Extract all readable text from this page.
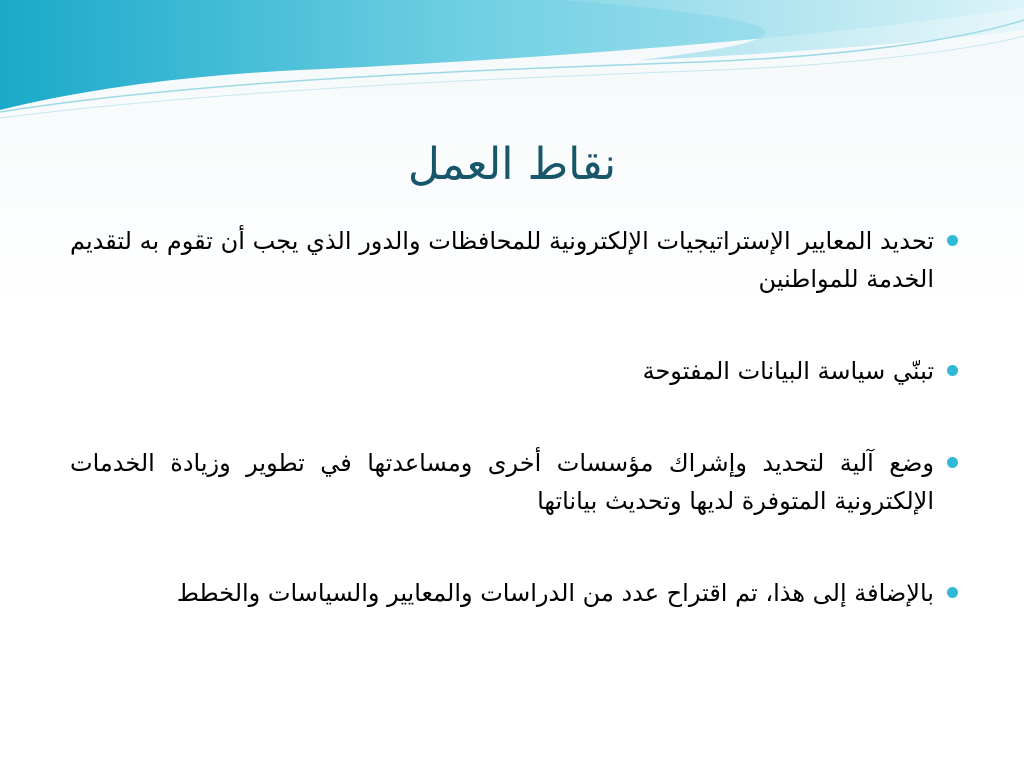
نقاط العمل
تحديد المعايير الإستراتيجيات الإلكترونية للمحافظات والدور الذي يجب أن تقوم به لتقديم الخدمة للمواطنين
تبنّي سياسة البيانات المفتوحة
وضع آلية لتحديد وإشراك مؤسسات أخرى ومساعدتها في تطوير وزيادة الخدمات الإلكترونية المتوفرة لديها وتحديث بياناتها
بالإضافة إلى هذا، تم اقتراح عدد من الدراسات والمعايير والسياسات والخطط
